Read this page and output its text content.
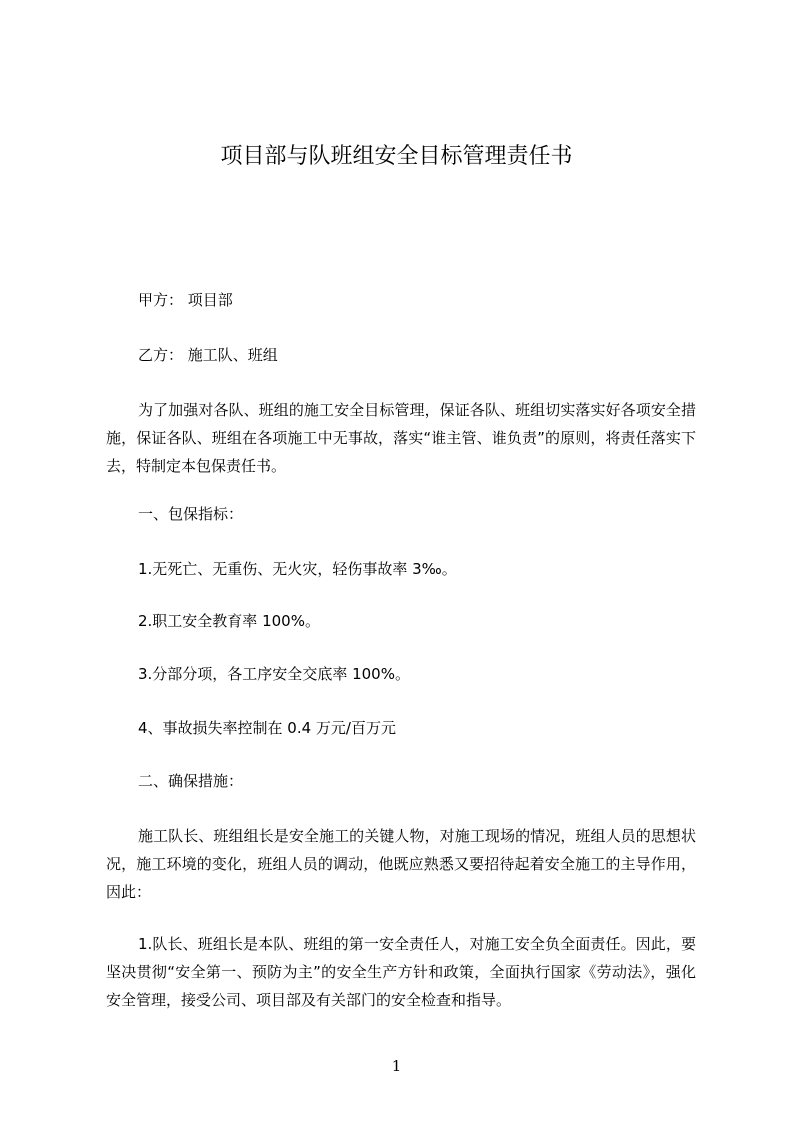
项目部与队班组安全目标管理责任书

甲方： 项目部

乙方： 施工队、班组

为了加强对各队、班组的施工安全目标管理，保证各队、班组切实落实好各项安全措施，保证各队、班组在各项施工中无事故，落实“谁主管、谁负责”的原则，将责任落实下去，特制定本包保责任书。

一、包保指标：

1.无死亡、无重伤、无火灾，轻伤事故率 3‰。

2.职工安全教育率 100%。

3.分部分项，各工序安全交底率 100%。

4、事故损失率控制在 0.4 万元/百万元

二、确保措施：

施工队长、班组组长是安全施工的关键人物，对施工现场的情况，班组人员的思想状况，施工环境的变化，班组人员的调动，他既应熟悉又要招待起着安全施工的主导作用，因此：

1.队长、班组长是本队、班组的第一安全责任人，对施工安全负全面责任。因此，要坚决贯彻“安全第一、预防为主”的安全生产方针和政策，全面执行国家《劳动法》，强化安全管理，接受公司、项目部及有关部门的安全检查和指导。

1
